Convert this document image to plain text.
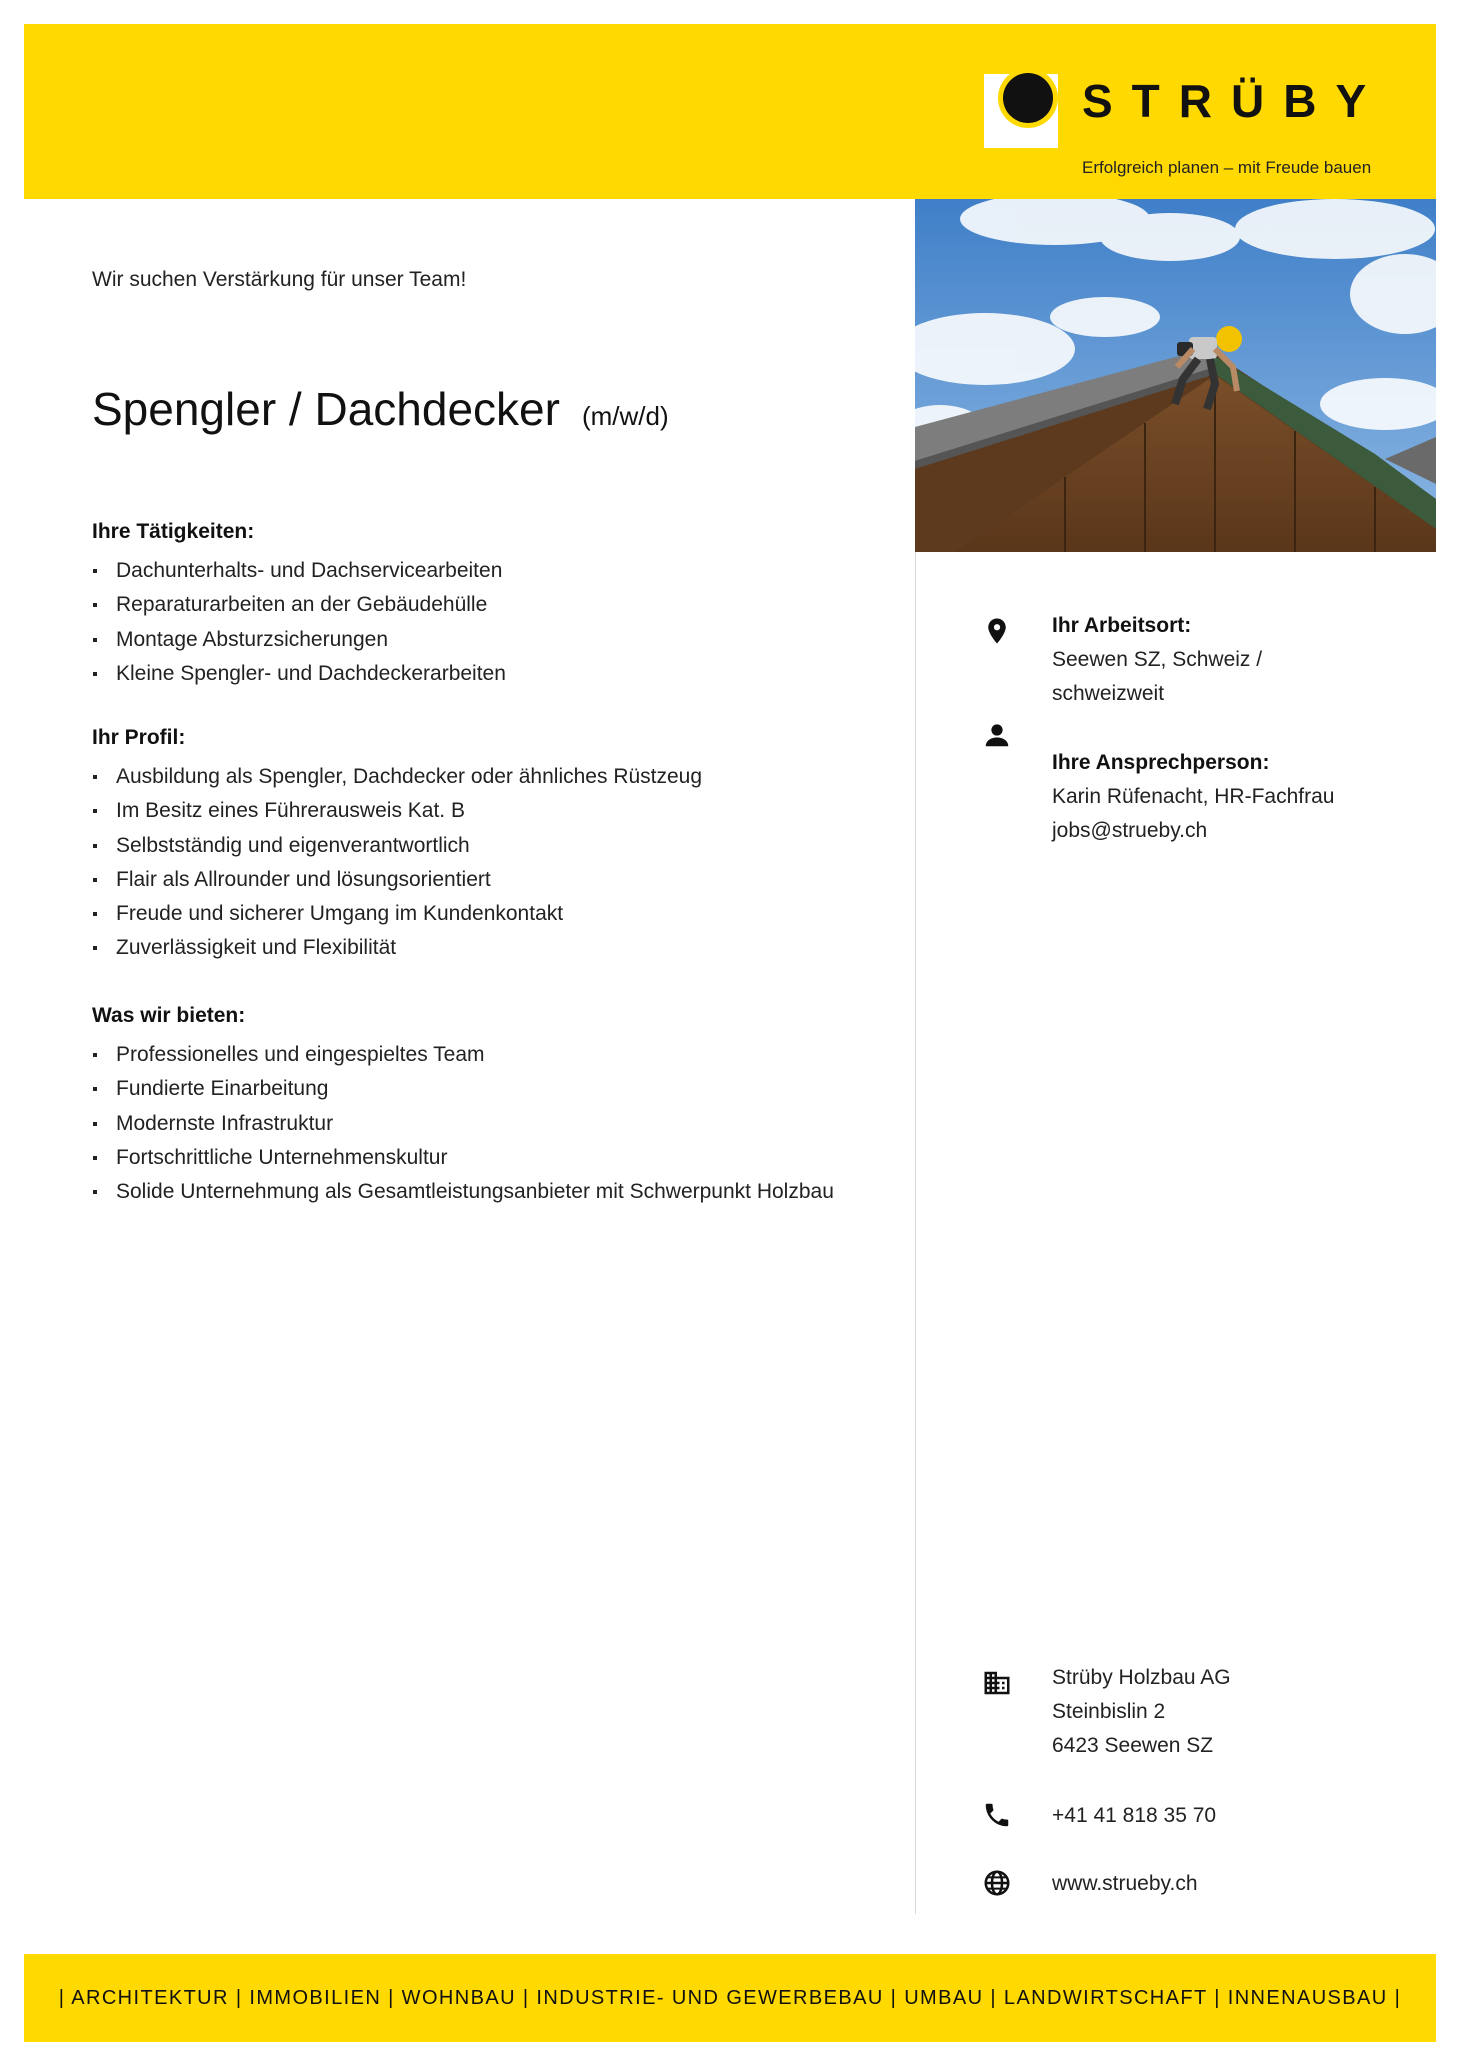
STRÜBY
Erfolgreich planen – mit Freude bauen
Wir suchen Verstärkung für unser Team!
Spengler / Dachdecker (m/w/d)
Ihre Tätigkeiten:
Dachunterhalts- und Dachservicearbeiten
Reparaturarbeiten an der Gebäudehülle
Montage Absturzsicherungen
Kleine Spengler- und Dachdeckerarbeiten
Ihr Profil:
Ausbildung als Spengler, Dachdecker oder ähnliches Rüstzeug
Im Besitz eines Führerausweis Kat. B
Selbstständig und eigenverantwortlich
Flair als Allrounder und lösungsorientiert
Freude und sicherer Umgang im Kundenkontakt
Zuverlässigkeit und Flexibilität
Was wir bieten:
Professionelles und eingespieltes Team
Fundierte Einarbeitung
Modernste Infrastruktur
Fortschrittliche Unternehmenskultur
Solide Unternehmung als Gesamtleistungsanbieter mit Schwerpunkt Holzbau
Ihr Arbeitsort:
Seewen SZ, Schweiz /
schweizweit
Ihre Ansprechperson:
Karin Rüfenacht, HR-Fachfrau
jobs@strueby.ch
Strüby Holzbau AG
Steinbislin 2
6423 Seewen SZ
+41 41 818 35 70
www.strueby.ch
| ARCHITEKTUR | IMMOBILIEN | WOHNBAU | INDUSTRIE- UND GEWERBEBAU | UMBAU | LANDWIRTSCHAFT | INNENAUSBAU |
